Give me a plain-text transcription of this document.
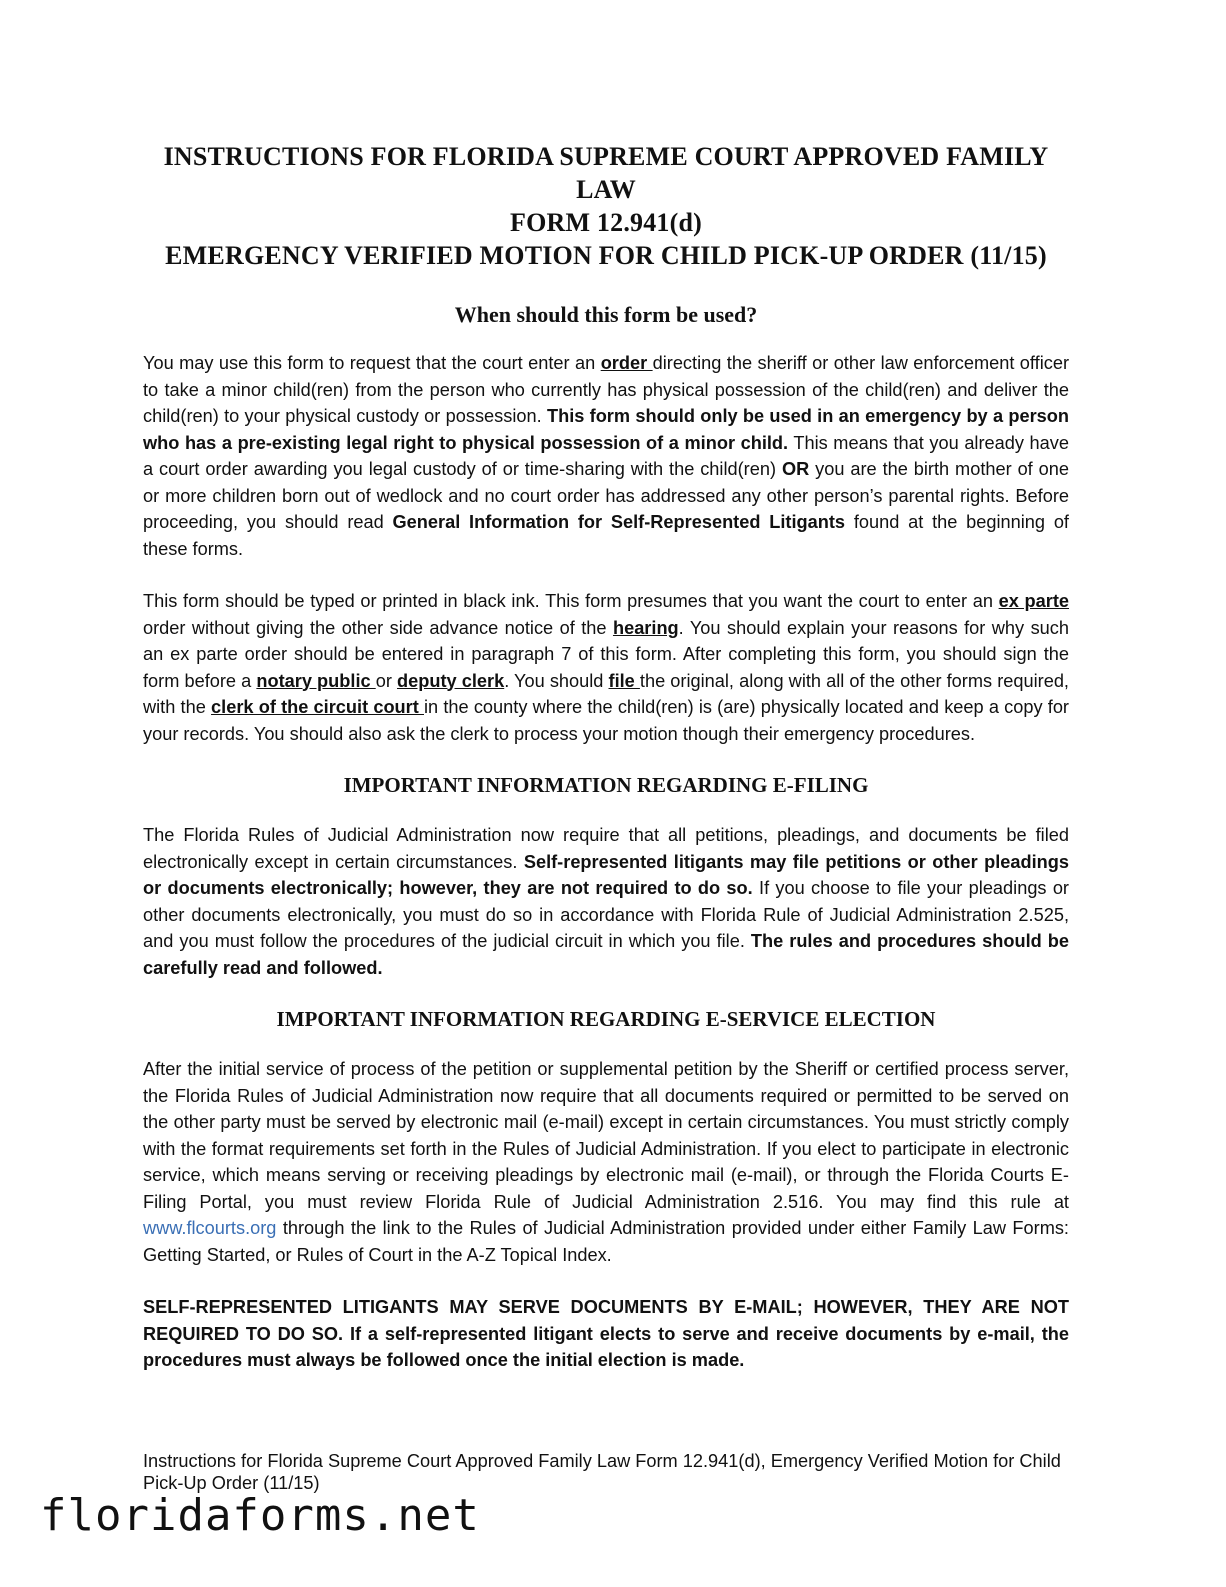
INSTRUCTIONS FOR FLORIDA SUPREME COURT APPROVED FAMILY LAW
FORM 12.941(d)
EMERGENCY VERIFIED MOTION FOR CHILD PICK-UP ORDER (11/15)
When should this form be used?

You may use this form to request that the court enter an order directing the sheriff or other law enforcement officer to take a minor child(ren) from the person who currently has physical possession of the child(ren) and deliver the child(ren) to your physical custody or possession. This form should only be used in an emergency by a person who has a pre-existing legal right to physical possession of a minor child. This means that you already have a court order awarding you legal custody of or time-sharing with the child(ren) OR you are the birth mother of one or more children born out of wedlock and no court order has addressed any other person’s parental rights. Before proceeding, you should read General Information for Self-Represented Litigants found at the beginning of these forms.

This form should be typed or printed in black ink. This form presumes that you want the court to enter an ex parte order without giving the other side advance notice of the hearing. You should explain your reasons for why such an ex parte order should be entered in paragraph 7 of this form. After completing this form, you should sign the form before a notary public or deputy clerk. You should file the original, along with all of the other forms required, with the clerk of the circuit court in the county where the child(ren) is (are) physically located and keep a copy for your records. You should also ask the clerk to process your motion though their emergency procedures.

IMPORTANT INFORMATION REGARDING E-FILING

The Florida Rules of Judicial Administration now require that all petitions, pleadings, and documents be filed electronically except in certain circumstances. Self-represented litigants may file petitions or other pleadings or documents electronically; however, they are not required to do so. If you choose to file your pleadings or other documents electronically, you must do so in accordance with Florida Rule of Judicial Administration 2.525, and you must follow the procedures of the judicial circuit in which you file. The rules and procedures should be carefully read and followed.

IMPORTANT INFORMATION REGARDING E-SERVICE ELECTION

After the initial service of process of the petition or supplemental petition by the Sheriff or certified process server, the Florida Rules of Judicial Administration now require that all documents required or permitted to be served on the other party must be served by electronic mail (e-mail) except in certain circumstances. You must strictly comply with the format requirements set forth in the Rules of Judicial Administration. If you elect to participate in electronic service, which means serving or receiving pleadings by electronic mail (e-mail), or through the Florida Courts E-Filing Portal, you must review Florida Rule of Judicial Administration 2.516. You may find this rule at www.flcourts.org through the link to the Rules of Judicial Administration provided under either Family Law Forms: Getting Started, or Rules of Court in the A-Z Topical Index.

SELF-REPRESENTED LITIGANTS MAY SERVE DOCUMENTS BY E-MAIL; HOWEVER, THEY ARE NOT REQUIRED TO DO SO. If a self-represented litigant elects to serve and receive documents by e-mail, the procedures must always be followed once the initial election is made.

Instructions for Florida Supreme Court Approved Family Law Form 12.941(d), Emergency Verified Motion for Child Pick-Up Order (11/15)
floridaforms.net
